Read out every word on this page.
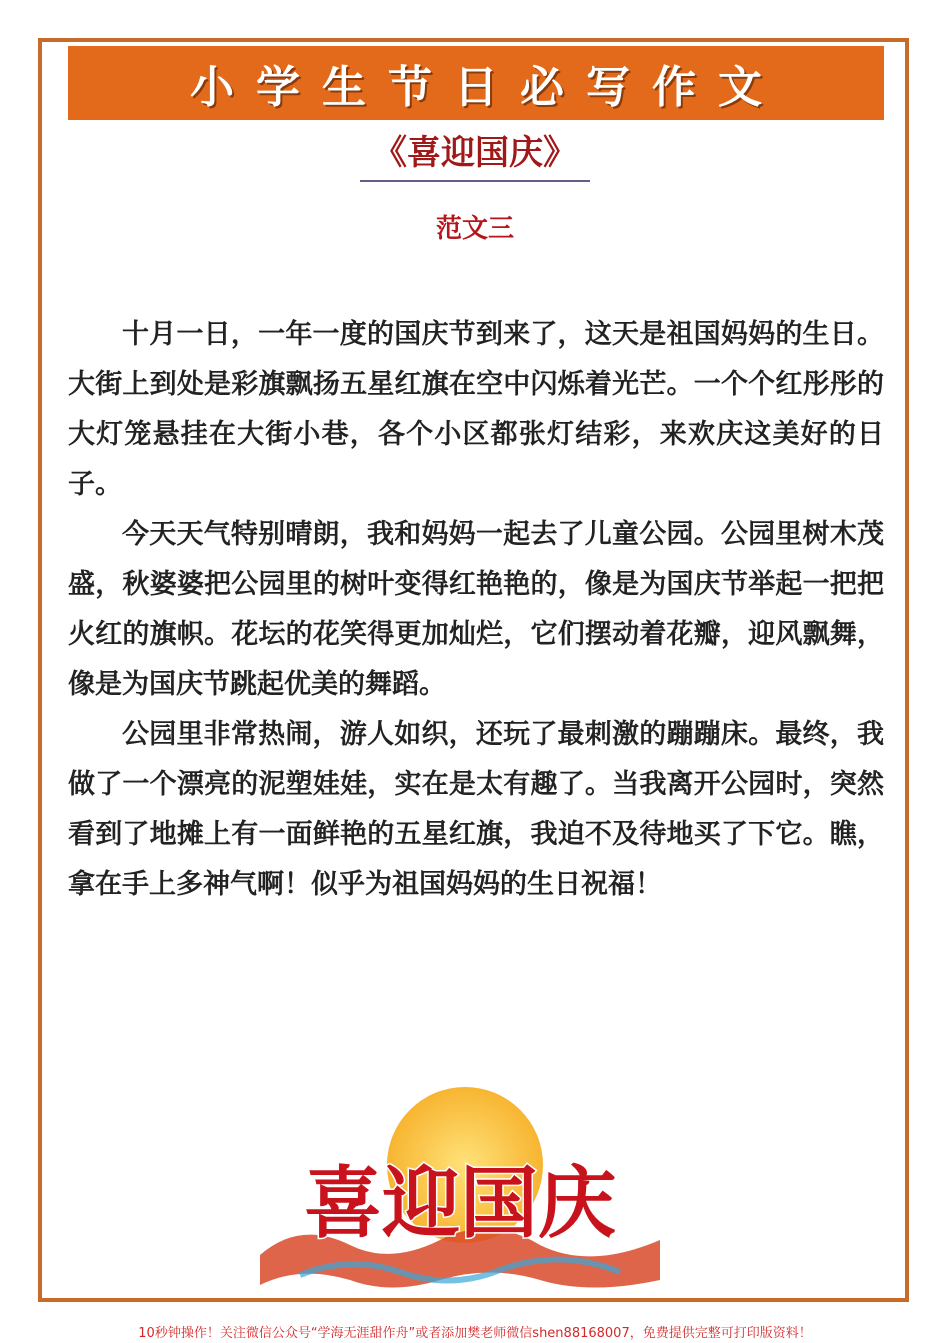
小学生节日必写作文
《喜迎国庆》
范文三

十月一日，一年一度的国庆节到来了，这天是祖国妈妈的生日。大街上到处是彩旗飘扬五星红旗在空中闪烁着光芒。一个个红彤彤的大灯笼悬挂在大街小巷，各个小区都张灯结彩，来欢庆这美好的日子。

今天天气特别晴朗，我和妈妈一起去了儿童公园。公园里树木茂盛，秋婆婆把公园里的树叶变得红艳艳的，像是为国庆节举起一把把火红的旗帜。花坛的花笑得更加灿烂，它们摆动着花瓣，迎风飘舞，像是为国庆节跳起优美的舞蹈。

公园里非常热闹，游人如织，还玩了最刺激的蹦蹦床。最终，我做了一个漂亮的泥塑娃娃，实在是太有趣了。当我离开公园时，突然看到了地摊上有一面鲜艳的五星红旗，我迫不及待地买了下它。瞧，拿在手上多神气啊！似乎为祖国妈妈的生日祝福！

喜迎国庆
10秒钟操作！关注微信公众号“学海无涯甜作舟”或者添加樊老师微信shen88168007，免费提供完整可打印版资料！
